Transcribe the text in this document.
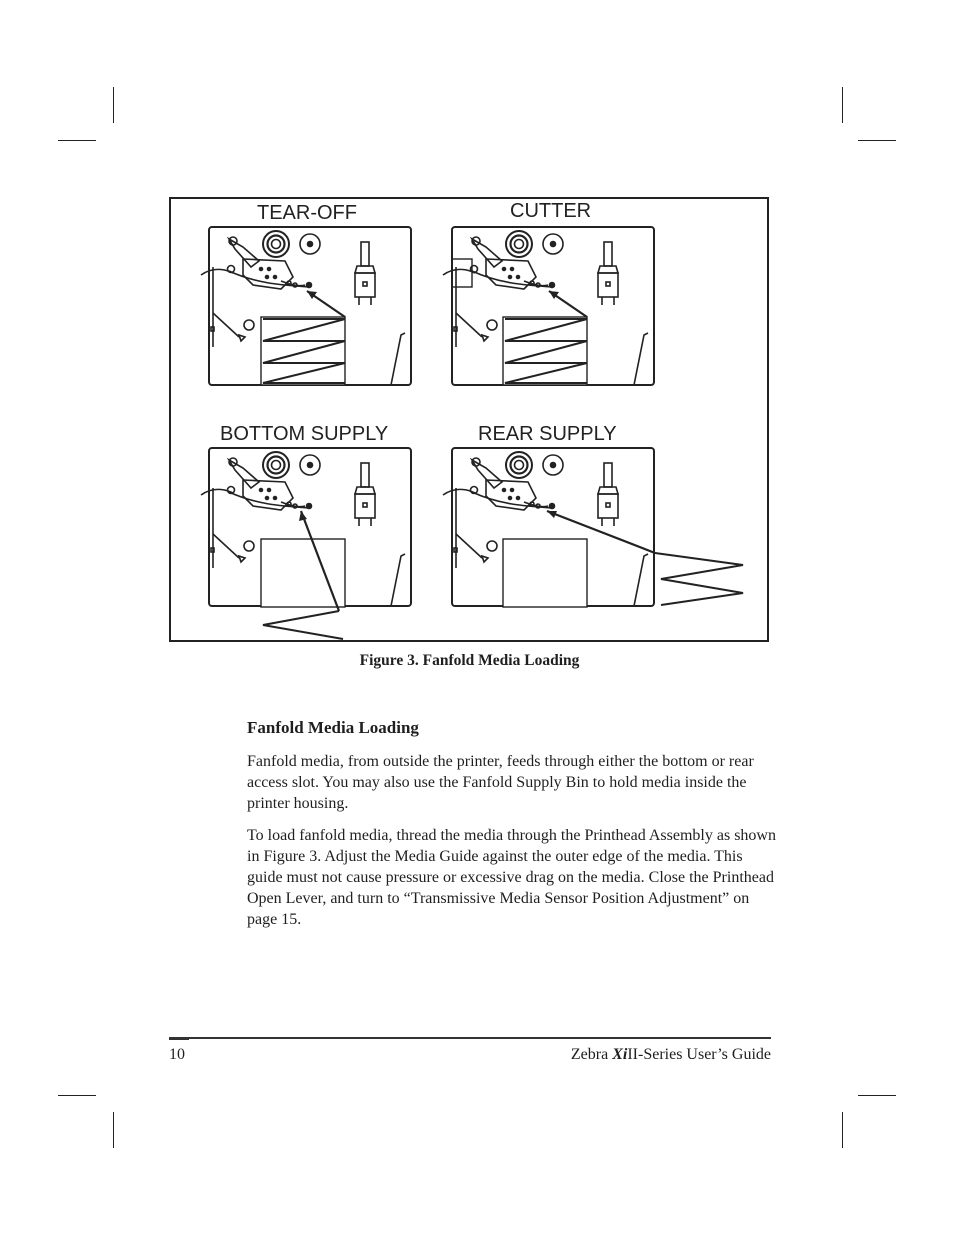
TEAR-OFF	CUTTER
BOTTOM SUPPLY	REAR SUPPLY
Figure 3. Fanfold Media Loading
Fanfold Media Loading

Fanfold media, from outside the printer, feeds through either the bottom or rear access slot. You may also use the Fanfold Supply Bin to hold media inside the printer housing.

To load fanfold media, thread the media through the Printhead Assembly as shown in Figure 3. Adjust the Media Guide against the outer edge of the media. This guide must not cause pressure or excessive drag on the media. Close the Printhead Open Lever, and turn to “Transmissive Media Sensor Position Adjustment” on page 15.

10	Zebra XiII-Series User’s Guide
